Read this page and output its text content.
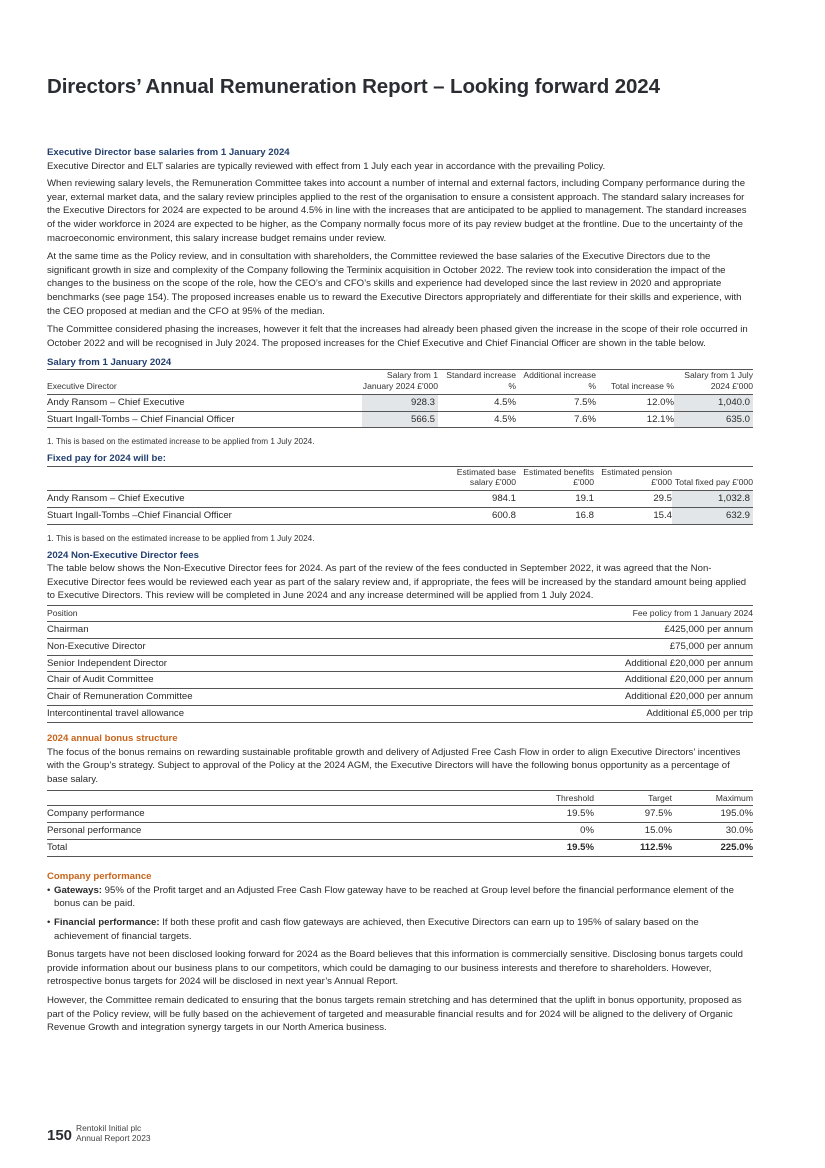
Directors’ Annual Remuneration Report – Looking forward 2024
Executive Director base salaries from 1 January 2024

Executive Director and ELT salaries are typically reviewed with effect from 1 July each year in accordance with the prevailing Policy.

When reviewing salary levels, the Remuneration Committee takes into account a number of internal and external factors, including Company performance during the year, external market data, and the salary review principles applied to the rest of the organisation to ensure a consistent approach. The standard salary increases for the Executive Directors for 2024 are expected to be around 4.5% in line with the increases that are anticipated to be applied to management. The standard increases of the wider workforce in 2024 are expected to be higher, as the Company normally focus more of its pay review budget at the frontline. Due to the uncertainty of the macroeconomic environment, this salary increase budget remains under review.

At the same time as the Policy review, and in consultation with shareholders, the Committee reviewed the base salaries of the Executive Directors due to the significant growth in size and complexity of the Company following the Terminix acquisition in October 2022. The review took into consideration the impact of the changes to the business on the scope of the role, how the CEO’s and CFO’s skills and experience had developed since the last review in 2020 and appropriate benchmarks (see page 154). The proposed increases enable us to reward the Executive Directors appropriately and differentiate for their skills and experience, with the CEO proposed at median and the CFO at 95% of the median.

The Committee considered phasing the increases, however it felt that the increases had already been phased given the increase in the scope of their role occurred in October 2022 and will be recognised in July 2024. The proposed increases for the Chief Executive and Chief Financial Officer are shown in the table below.

Salary from 1 January 2024
Executive Director	Salary from 1 January 2024 £'000	Standard increase %	Additional increase %	Total increase %	Salary from 1 July 2024 £'000
Andy Ransom – Chief Executive	928.3	4.5%	7.5%	12.0%	1,040.0
Stuart Ingall-Tombs – Chief Financial Officer	566.5	4.5%	7.6%	12.1%	635.0
1. This is based on the estimated increase to be applied from 1 July 2024.
Fixed pay for 2024 will be:
	Estimated base salary £'000	Estimated benefits £'000	Estimated pension £'000	Total fixed pay £'000
Andy Ransom – Chief Executive	984.1	19.1	29.5	1,032.8
Stuart Ingall-Tombs –Chief Financial Officer	600.8	16.8	15.4	632.9
1. This is based on the estimated increase to be applied from 1 July 2024.
2024 Non-Executive Director fees

The table below shows the Non-Executive Director fees for 2024. As part of the review of the fees conducted in September 2022, it was agreed that the Non-Executive Director fees would be reviewed each year as part of the salary review and, if appropriate, the fees will be increased by the standard amount being applied to Executive Directors. This review will be completed in June 2024 and any increase determined will be applied from 1 July 2024.

Position	Fee policy from 1 January 2024
Chairman	£425,000 per annum
Non-Executive Director	£75,000 per annum
Senior Independent Director	Additional £20,000 per annum
Chair of Audit Committee	Additional £20,000 per annum
Chair of Remuneration Committee	Additional £20,000 per annum
Intercontinental travel allowance	Additional £5,000 per trip
2024 annual bonus structure

The focus of the bonus remains on rewarding sustainable profitable growth and delivery of Adjusted Free Cash Flow in order to align Executive Directors’ incentives with the Group’s strategy. Subject to approval of the Policy at the 2024 AGM, the Executive Directors will have the following bonus opportunity as a percentage of base salary.

	Threshold	Target	Maximum
Company performance	19.5%	97.5%	195.0%
Personal performance	0%	15.0%	30.0%
Total	19.5%	112.5%	225.0%
Company performance
• Gateways: 95% of the Profit target and an Adjusted Free Cash Flow gateway have to be reached at Group level before the financial performance element of the bonus can be paid.
• Financial performance: If both these profit and cash flow gateways are achieved, then Executive Directors can earn up to 195% of salary based on the achievement of financial targets.

Bonus targets have not been disclosed looking forward for 2024 as the Board believes that this information is commercially sensitive. Disclosing bonus targets could provide information about our business plans to our competitors, which could be damaging to our business interests and therefore to shareholders. However, retrospective bonus targets for 2024 will be disclosed in next year’s Annual Report.

However, the Committee remain dedicated to ensuring that the bonus targets remain stretching and has determined that the uplift in bonus opportunity, proposed as part of the Policy review, will be fully based on the achievement of targeted and measurable financial results and for 2024 will be aligned to the delivery of Organic Revenue Growth and integration synergy targets in our North America business.

150 Rentokil Initial plc
Annual Report 2023
